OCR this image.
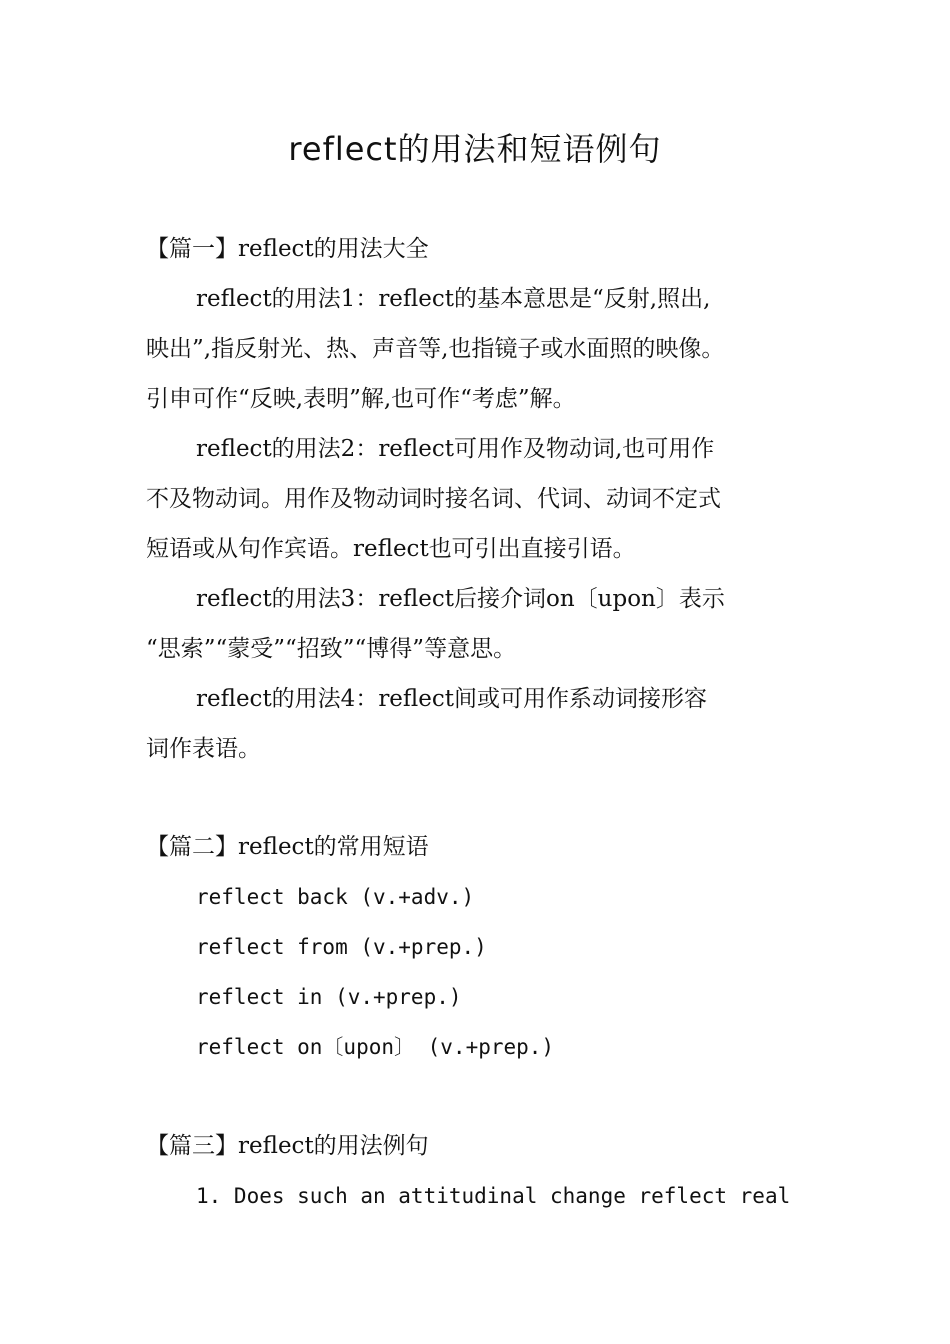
reflect的用法和短语例句
【篇一】reflect的用法大全
reflect的用法1：reflect的基本意思是“反射,照出,
映出”,指反射光、热、声音等,也指镜子或水面照的映像。
引申可作“反映,表明”解,也可作“考虑”解。
reflect的用法2：reflect可用作及物动词,也可用作
不及物动词。用作及物动词时接名词、代词、动词不定式
短语或从句作宾语。reflect也可引出直接引语。
reflect的用法3：reflect后接介词on〔upon〕表示
“思索”“蒙受”“招致”“博得”等意思。
reflect的用法4：reflect间或可用作系动词接形容
词作表语。
【篇二】reflect的常用短语
reflect back (v.+adv.)
reflect from (v.+prep.)
reflect in (v.+prep.)
reflect on〔upon〕 (v.+prep.)
【篇三】reflect的用法例句
1. Does such an attitudinal change reflect real
